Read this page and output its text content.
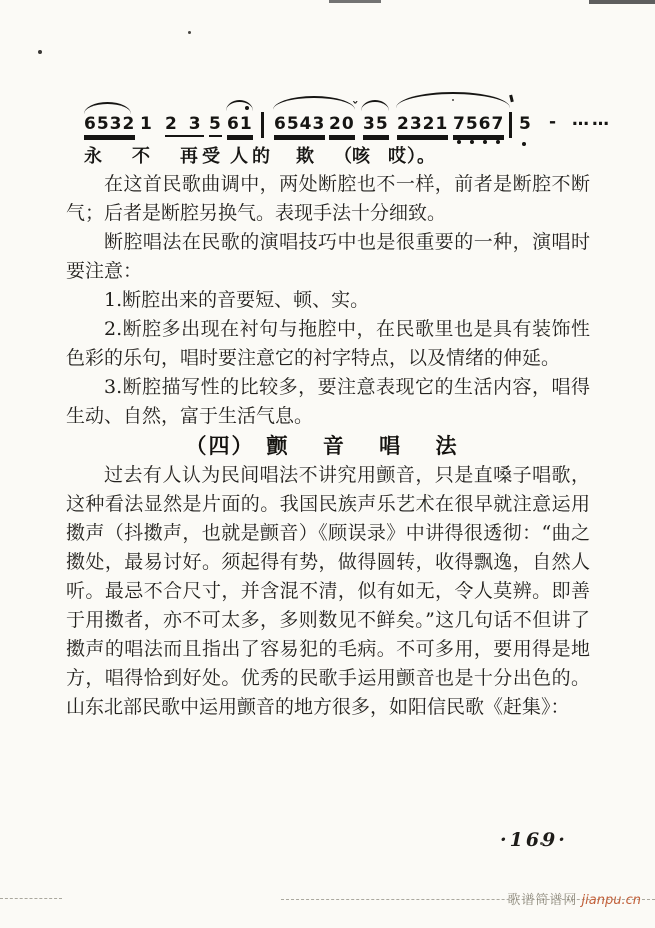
6532 1 2 3 5 61 6543 20
ˇ
35 2321 7567 5 - ……
永 不 再受 人的 欺 （咳 哎）。

在这首民歌曲调中，两处断腔也不一样，前者是断腔不断气；后者是断腔另换气。表现手法十分细致。

断腔唱法在民歌的演唱技巧中也是很重要的一种，演唱时要注意：

1.断腔出来的音要短、顿、实。

2.断腔多出现在衬句与拖腔中，在民歌里也是具有装饰性色彩的乐句，唱时要注意它的衬字特点，以及情绪的伸延。

3.断腔描写性的比较多，要注意表现它的生活内容，唱得生动、自然，富于生活气息。

（四） 颤 音 唱 法

过去有人认为民间唱法不讲究用颤音，只是直嗓子唱歌，这种看法显然是片面的。我国民族声乐艺术在很早就注意运用擞声（抖擞声，也就是颤音）《顾误录》中讲得很透彻：“曲之擞处，最易讨好。须起得有势，做得圆转，收得飘逸，自然人听。最忌不合尺寸，并含混不清，似有如无，令人莫辨。即善于用擞者，亦不可太多，多则数见不鲜矣。”这几句话不但讲了擞声的唱法而且指出了容易犯的毛病。不可多用，要用得是地方，唱得恰到好处。优秀的民歌手运用颤音也是十分出色的。山东北部民歌中运用颤音的地方很多，如阳信民歌《赶集》：

·169·
歌谱简谱网 jianpu.cn
